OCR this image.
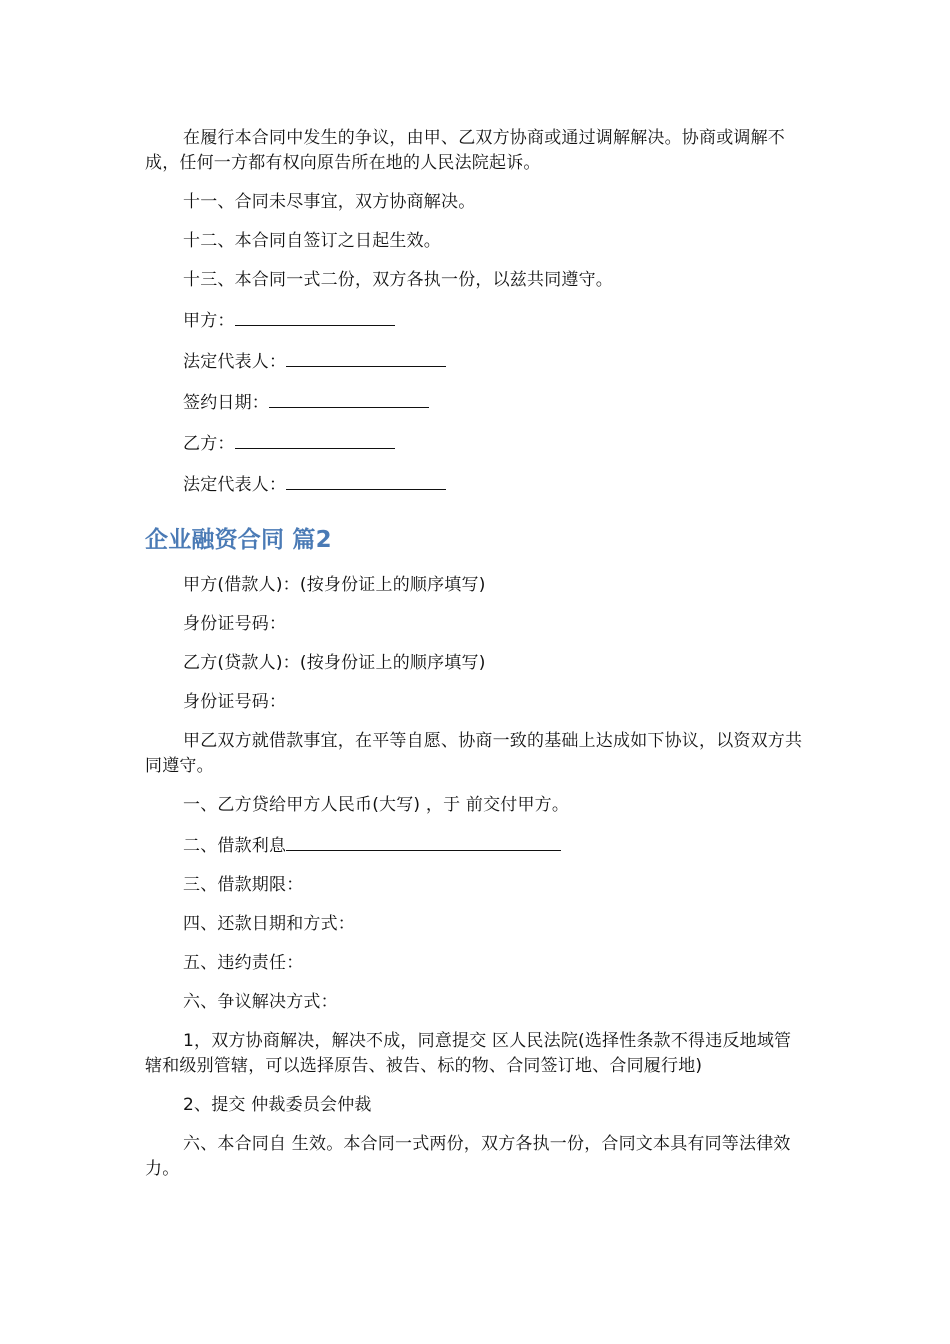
在履行本合同中发生的争议，由甲、乙双方协商或通过调解解决。协商或调解不成，任何一方都有权向原告所在地的人民法院起诉。

十一、合同未尽事宜，双方协商解决。

十二、本合同自签订之日起生效。

十三、本合同一式二份，双方各执一份，以兹共同遵守。

甲方：

法定代表人：

签约日期：

乙方：

法定代表人：

企业融资合同 篇2

甲方(借款人)：(按身份证上的顺序填写)

身份证号码：

乙方(贷款人)：(按身份证上的顺序填写)

身份证号码：

甲乙双方就借款事宜，在平等自愿、协商一致的基础上达成如下协议，以资双方共同遵守。

一、乙方贷给甲方人民币(大写) ，于 前交付甲方。

二、借款利息

三、借款期限：

四、还款日期和方式：

五、违约责任：

六、争议解决方式：

1，双方协商解决，解决不成，同意提交 区人民法院(选择性条款不得违反地域管辖和级别管辖，可以选择原告、被告、标的物、合同签订地、合同履行地)

2、提交 仲裁委员会仲裁

六、本合同自 生效。本合同一式两份，双方各执一份，合同文本具有同等法律效力。
